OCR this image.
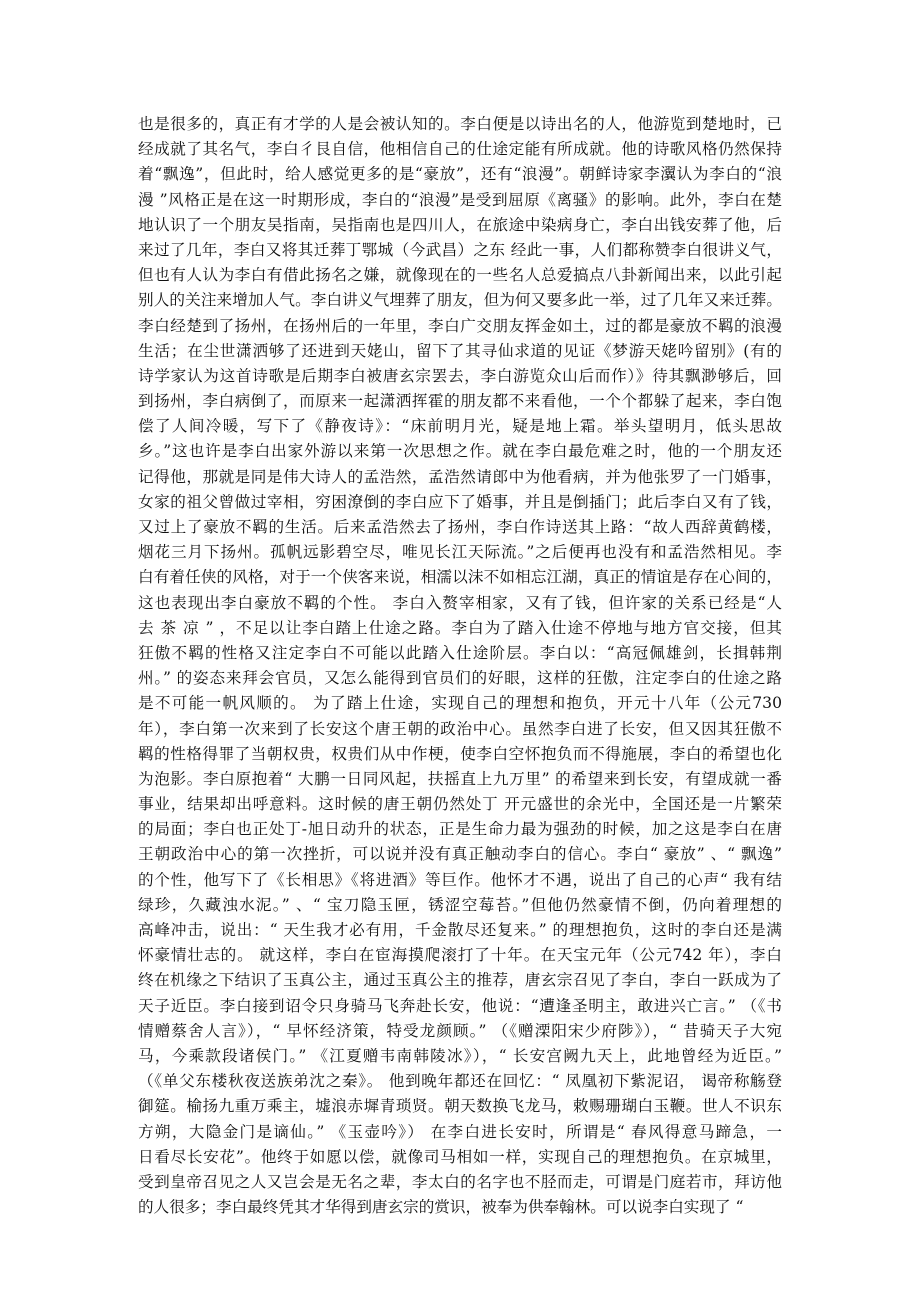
也是很多的，真正有才学的人是会被认知的。李白便是以诗出名的人，他游览到楚地时，已
经成就了其名气，李白彳艮自信，他相信自己的仕途定能有所成就。他的诗歌风格仍然保持
着“飘逸”，但此时，给人感觉更多的是“豪放”，还有“浪漫”。朝鲜诗家李瀷认为李白的“浪
漫 ”风格正是在这一时期形成，李白的“浪漫”是受到屈原《离骚》的影响。此外，李白在楚
地认识了一个朋友吴指南，吴指南也是四川人，在旅途中染病身亡，李白出钱安葬了他，后
来过了几年，李白又将其迁葬丁鄂城（今武昌）之东 经此一事，人们都称赞李白很讲义气，
但也有人认为李白有借此扬名之嫌，就像现在的一些名人总爱搞点八卦新闻出来，以此引起
别人的关注来增加人气。李白讲义气埋葬了朋友，但为何又要多此一举，过了几年又来迁葬。
李白经楚到了扬州，在扬州后的一年里，李白广交朋友挥金如土，过的都是豪放不羁的浪漫
生活；在尘世潇洒够了还进到天姥山，留下了其寻仙求道的见证《梦游天姥吟留别》(有的
诗学家认为这首诗歌是后期李白被唐玄宗罢去，李白游览众山后而作）》待其飘渺够后，回
到扬州，李白病倒了，而原来一起潇洒挥霍的朋友都不来看他，一个个都躲了起来，李白饱
偿了人间冷暖，写下了《静夜诗》：“床前明月光，疑是地上霜。举头望明月，低头思故
乡。”这也许是李白出家外游以来第一次思想之作。就在李白最危难之时，他的一个朋友还
记得他，那就是同是伟大诗人的孟浩然，孟浩然请郎中为他看病，并为他张罗了一门婚事，
女家的祖父曾做过宰相，穷困潦倒的李白应下了婚事，并且是倒插门；此后李白又有了钱，
又过上了豪放不羁的生活。后来孟浩然去了扬州，李白作诗送其上路：“故人西辞黄鹤楼，
烟花三月下扬州。孤帆远影碧空尽，唯见长江天际流。”之后便再也没有和孟浩然相见。李
白有着任侠的风格，对于一个侠客来说，相濡以沫不如相忘江湖，真正的情谊是存在心间的，
这也表现出李白豪放不羁的个性。 李白入赘宰相家，又有了钱，但许家的关系已经是“人
去 茶 凉 ” ，不足以让李白踏上仕途之路。李白为了踏入仕途不停地与地方官交接，但其
狂傲不羁的性格又注定李白不可能以此踏入仕途阶层。李白以：“高冠佩雄剑，长揖韩荆
州。” 的姿态来拜会官员，又怎么能得到官员们的好眼，这样的狂傲，注定李白的仕途之路
是不可能一帆风顺的。 为了踏上仕途，实现自己的理想和抱负，开元十八年（公元730
年），李白第一次来到了长安这个唐王朝的政治中心。虽然李白进了长安，但又因其狂傲不
羁的性格得罪了当朝权贵，权贵们从中作梗，使李白空怀抱负而不得施展，李白的希望也化
为泡影。李白原抱着“ 大鹏一日同风起，扶摇直上九万里” 的希望来到长安，有望成就一番
事业，结果却出呼意料。这时候的唐王朝仍然处丁 开元盛世的余光中，全国还是一片繁荣
的局面；李白也正处丁-旭日动升的状态，正是生命力最为强劲的时候，加之这是李白在唐
王朝政治中心的第一次挫折，可以说并没有真正触动李白的信心。李白“ 豪放” 、“ 飘逸”
的个性，他写下了《长相思》《将进酒》等巨作。他怀才不遇，说出了自己的心声“ 我有结
绿珍，久藏浊水泥。” 、“ 宝刀隐玉匣，锈涩空莓苔。”但他仍然豪情不倒，仍向着理想的
高峰冲击，说出：“ 天生我才必有用，千金散尽还复来。” 的理想抱负，这时的李白还是满
怀豪情壮志的。 就这样，李白在宦海摸爬滚打了十年。在天宝元年（公元742 年），李白
终在机缘之下结识了玉真公主，通过玉真公主的推荐，唐玄宗召见了李白，李白一跃成为了
天子近臣。李白接到诏令只身骑马飞奔赴长安，他说：“遭逢圣明主，敢进兴亡言。” （《书
情赠蔡舍人言》），“ 早怀经济策，特受龙颜顾。” （《赠溧阳宋少府陟》），“ 昔骑天子大宛
马，今乘款段诸侯门。” 《江夏赠韦南韩陵冰》），“ 长安宫阙九天上，此地曾经为近臣。”
（《单父东楼秋夜送族弟沈之秦》。 他到晚年都还在回忆：“ 凤凰初下紫泥诏， 谒帝称觞登
御筵。榆扬九重万乘主，墟浪赤墀青琐贤。朝天数换飞龙马，敕赐珊瑚白玉鞭。世人不识东
方朔，大隐金门是谪仙。” 《玉壶吟》） 在李白进长安时，所谓是“ 春风得意马蹄急，一
日看尽长安花”。他终于如愿以偿，就像司马相如一样，实现自己的理想抱负。在京城里，
受到皇帝召见之人又岂会是无名之辈，李太白的名字也不胫而走，可谓是门庭若市，拜访他
的人很多；李白最终凭其才华得到唐玄宗的赏识，被奉为供奉翰林。可以说李白实现了 “
